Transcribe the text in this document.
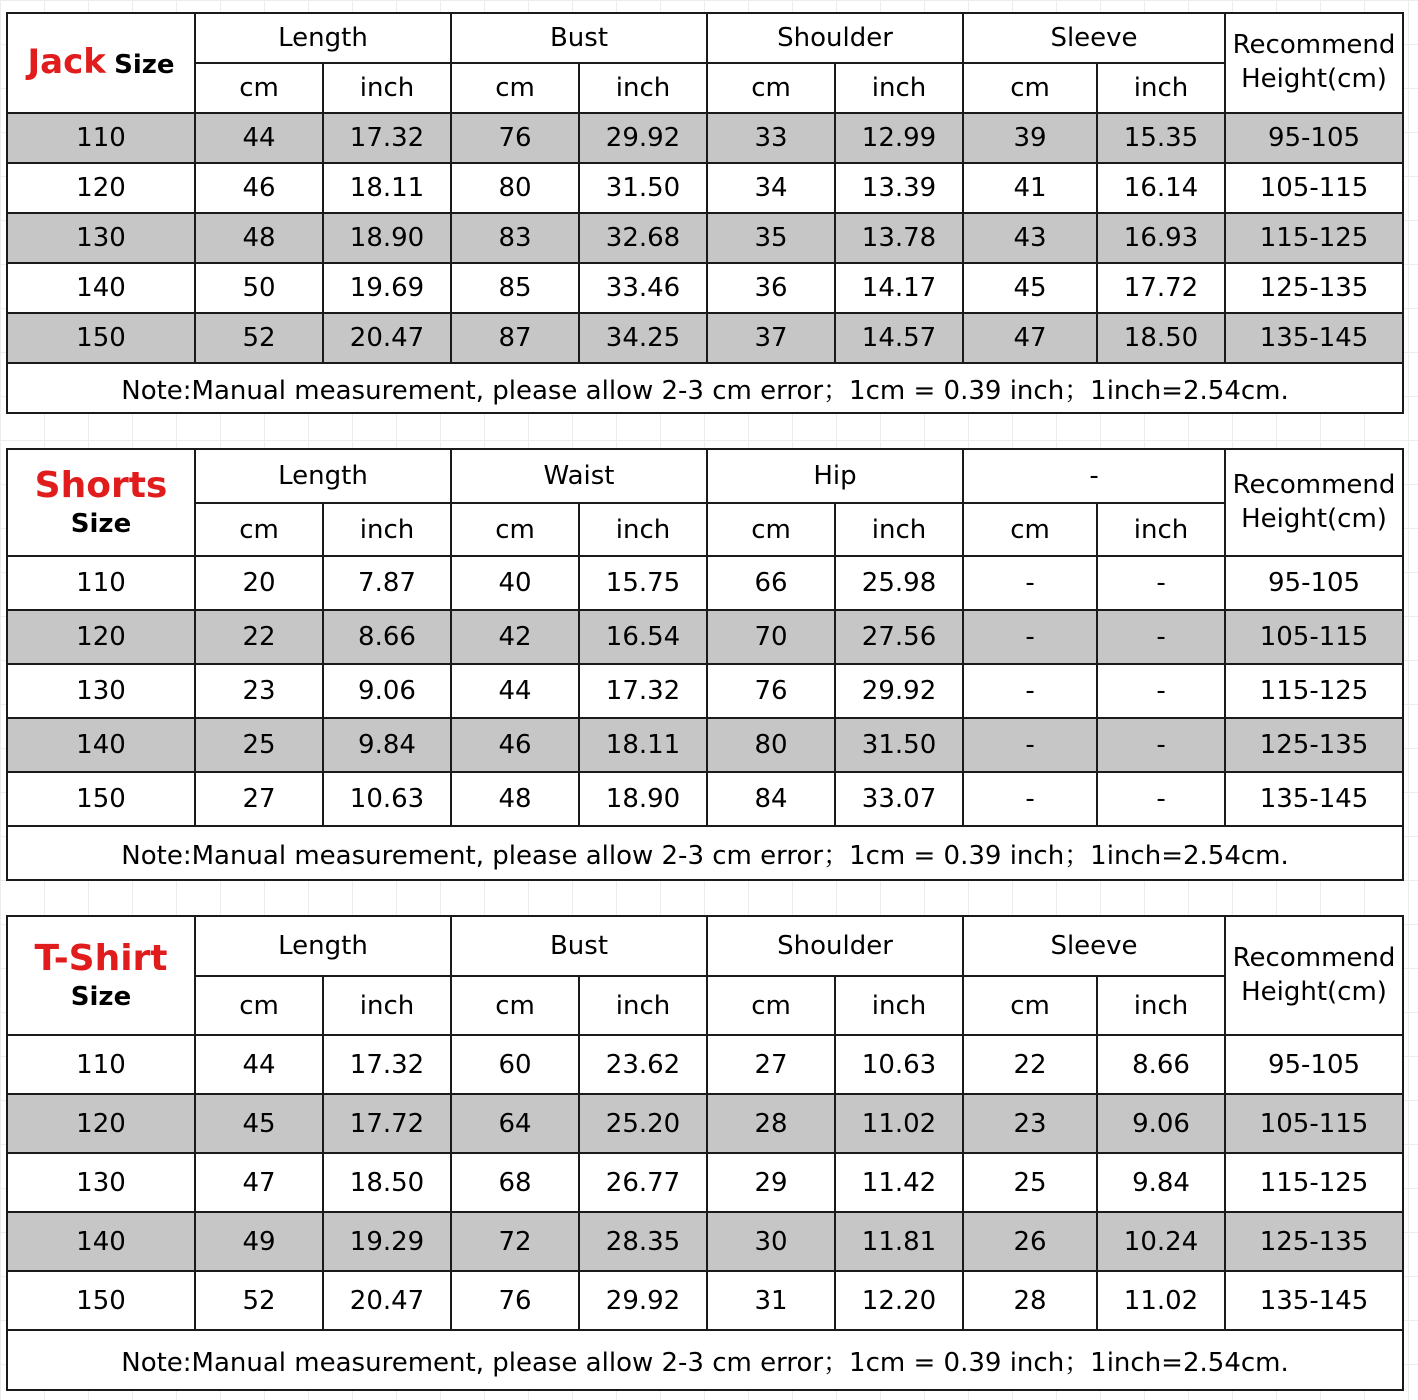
Jack Size	Length		Bust		Shoulder		Sleeve		Recommend
Height(cm)
	cm	inch	cm	inch	cm	inch	cm	inch	
110	44	17.32	76	29.92	33	12.99	39	15.35	95-105
120	46	18.11	80	31.50	34	13.39	41	16.14	105-115
130	48	18.90	83	32.68	35	13.78	43	16.93	115-125
140	50	19.69	85	33.46	36	14.17	45	17.72	125-135
150	52	20.47	87	34.25	37	14.57	47	18.50	135-145
Note:Manual measurement, please allow 2-3 cm error；1cm = 0.39 inch；1inch=2.54cm.									
Shorts
Size	Length		Waist		Hip		-		Recommend
Height(cm)
	cm	inch	cm	inch	cm	inch	cm	inch	
110	20	7.87	40	15.75	66	25.98	-	-	95-105
120	22	8.66	42	16.54	70	27.56	-	-	105-115
130	23	9.06	44	17.32	76	29.92	-	-	115-125
140	25	9.84	46	18.11	80	31.50	-	-	125-135
150	27	10.63	48	18.90	84	33.07	-	-	135-145
Note:Manual measurement, please allow 2-3 cm error；1cm = 0.39 inch；1inch=2.54cm.									
T-Shirt
Size	Length		Bust		Shoulder		Sleeve		Recommend
Height(cm)
	cm	inch	cm	inch	cm	inch	cm	inch	
110	44	17.32	60	23.62	27	10.63	22	8.66	95-105
120	45	17.72	64	25.20	28	11.02	23	9.06	105-115
130	47	18.50	68	26.77	29	11.42	25	9.84	115-125
140	49	19.29	72	28.35	30	11.81	26	10.24	125-135
150	52	20.47	76	29.92	31	12.20	28	11.02	135-145
Note:Manual measurement, please allow 2-3 cm error；1cm = 0.39 inch；1inch=2.54cm.									
